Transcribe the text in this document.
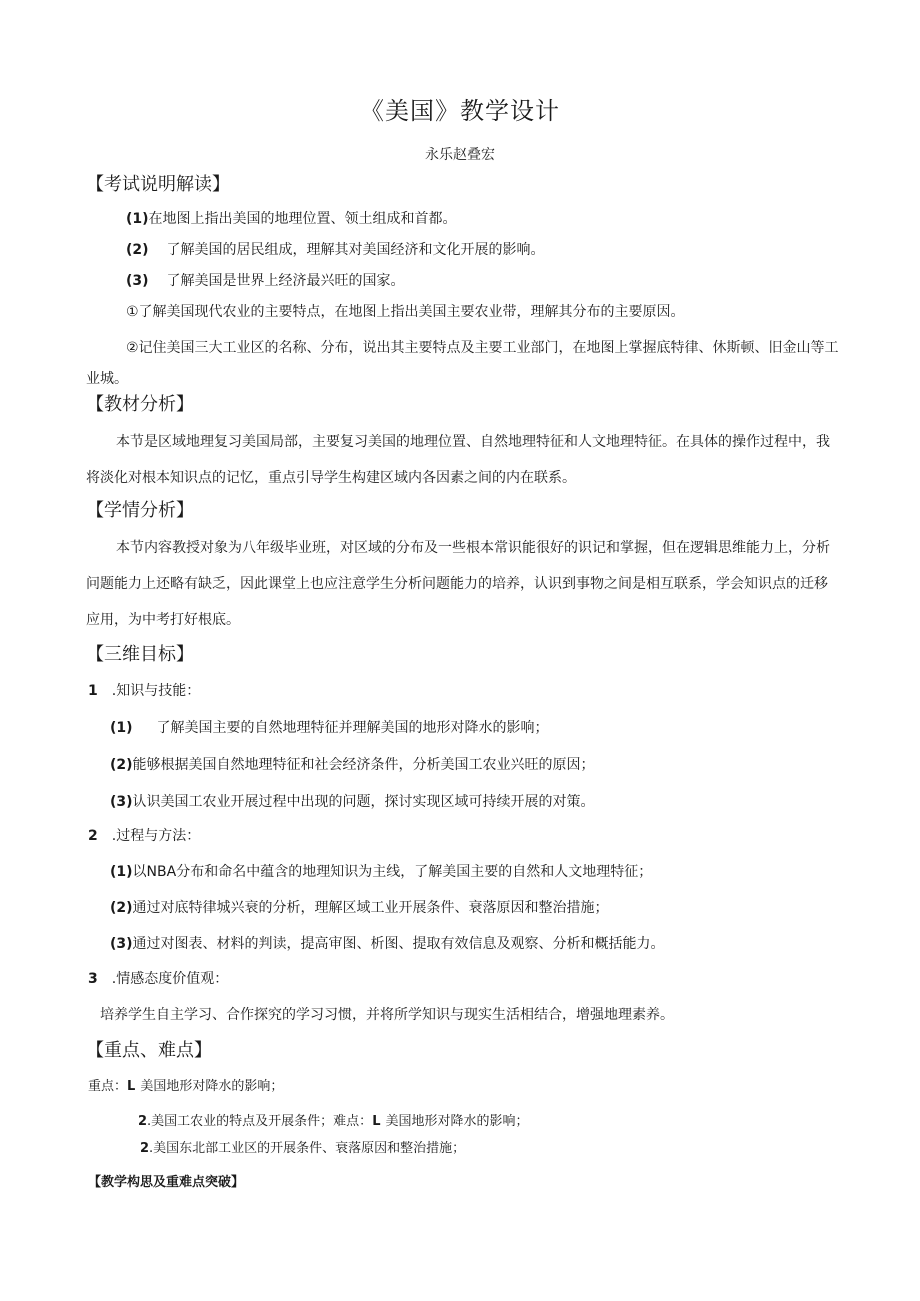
《美国》教学设计
永乐赵叠宏
【考试说明解读】
(1)在地图上指出美国的地理位置、领土组成和首都。
(2) 了解美国的居民组成，理解其对美国经济和文化开展的影响。
(3) 了解美国是世界上经济最兴旺的国家。
①了解美国现代农业的主要特点，在地图上指出美国主要农业带，理解其分布的主要原因。
②记住美国三大工业区的名称、分布，说出其主要特点及主要工业部门，在地图上掌握底特律、休斯顿、旧金山等工业城。
【教材分析】
本节是区域地理复习美国局部，主要复习美国的地理位置、自然地理特征和人文地理特征。在具体的操作过程中，我将淡化对根本知识点的记忆，重点引导学生构建区域内各因素之间的内在联系。
【学情分析】
本节内容教授对象为八年级毕业班，对区域的分布及一些根本常识能很好的识记和掌握，但在逻辑思维能力上，分析问题能力上还略有缺乏，因此课堂上也应注意学生分析问题能力的培养，认识到事物之间是相互联系，学会知识点的迁移应用，为中考打好根底。
【三维目标】
1 .知识与技能：
(1) 了解美国主要的自然地理特征并理解美国的地形对降水的影响；
(2)能够根据美国自然地理特征和社会经济条件，分析美国工农业兴旺的原因；
(3)认识美国工农业开展过程中出现的问题，探讨实现区域可持续开展的对策。
2 .过程与方法：
(1)以NBA分布和命名中蕴含的地理知识为主线，了解美国主要的自然和人文地理特征；
(2)通过对底特律城兴衰的分析，理解区域工业开展条件、衰落原因和整治措施；
(3)通过对图表、材料的判读，提高审图、析图、提取有效信息及观察、分析和概括能力。
3 .情感态度价值观：
培养学生自主学习、合作探究的学习习惯，并将所学知识与现实生活相结合，增强地理素养。
【重点、难点】
重点：L 美国地形对降水的影响；
2.美国工农业的特点及开展条件；难点：L 美国地形对降水的影响；
2.美国东北部工业区的开展条件、衰落原因和整治措施；
【教学构思及重难点突破】
